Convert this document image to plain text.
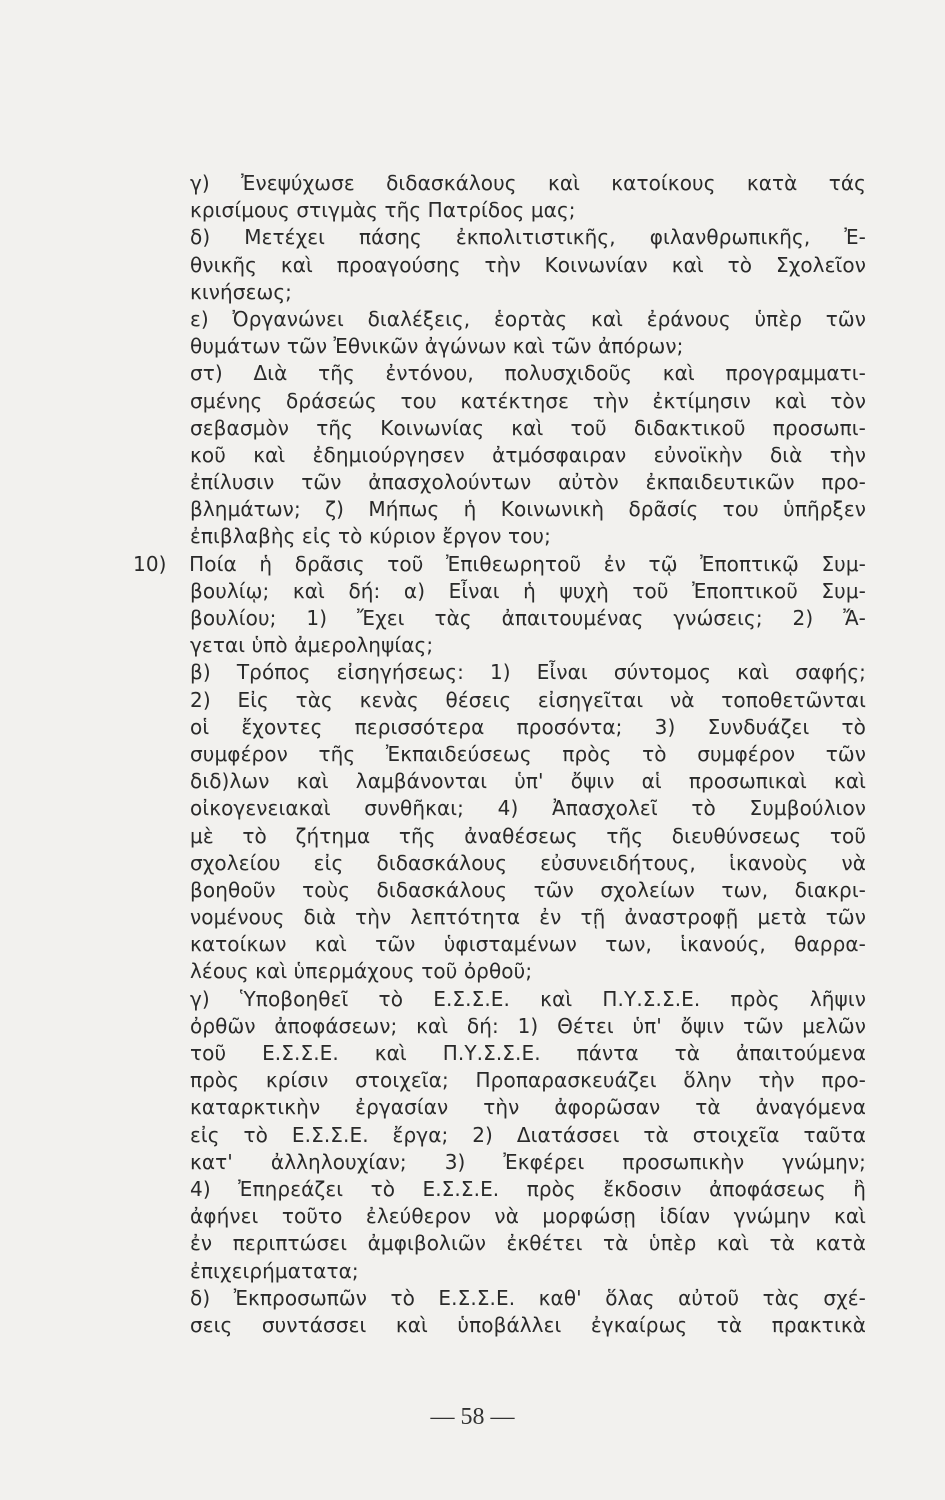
γ) Ἐνεψύχωσε διδασκάλους καὶ κατοίκους κατὰ τάς
κρισίμους στιγμὰς τῆς Πατρίδος μας;
δ) Μετέχει πάσης ἐκπολιτιστικῆς, φιλανθρωπικῆς, Ἐ-
θνικῆς καὶ προαγούσης τὴν Κοινωνίαν καὶ τὸ Σχολεῖον
κινήσεως;
ε) Ὀργανώνει διαλέξεις, ἑορτὰς καὶ ἐράνους ὑπὲρ τῶν
θυμάτων τῶν Ἐθνικῶν ἀγώνων καὶ τῶν ἀπόρων;
στ) Διὰ τῆς ἐντόνου, πολυσχιδοῦς καὶ προγραμματι-
σμένης δράσεώς του κατέκτησε τὴν ἐκτίμησιν καὶ τὸν
σεβασμὸν τῆς Κοινωνίας καὶ τοῦ διδακτικοῦ προσωπι-
κοῦ καὶ ἐδημιούργησεν ἀτμόσφαιραν εὐνοϊκὴν διὰ τὴν
ἐπίλυσιν τῶν ἀπασχολούντων αὐτὸν ἐκπαιδευτικῶν προ-
βλημάτων; ζ) Μήπως ἡ Κοινωνικὴ δρᾶσίς του ὑπῆρξεν
ἐπιβλαβὴς εἰς τὸ κύριον ἔργον του;
10) Ποία ἡ δρᾶσις τοῦ Ἐπιθεωρητοῦ ἐν τῷ Ἐποπτικῷ Συμ-
βουλίῳ; καὶ δή: α) Εἶναι ἡ ψυχὴ τοῦ Ἐποπτικοῦ Συμ-
βουλίου; 1) Ἔχει τὰς ἀπαιτουμένας γνώσεις; 2) Ἄ-
γεται ὑπὸ ἀμεροληψίας;
β) Τρόπος εἰσηγήσεως: 1) Εἶναι σύντομος καὶ σαφής;
2) Εἰς τὰς κενὰς θέσεις εἰσηγεῖται νὰ τοποθετῶνται
οἱ ἔχοντες περισσότερα προσόντα; 3) Συνδυάζει τὸ
συμφέρον τῆς Ἐκπαιδεύσεως πρὸς τὸ συμφέρον τῶν
διδ)λων καὶ λαμβάνονται ὑπ' ὄψιν αἱ προσωπικαὶ καὶ
οἰκογενειακαὶ συνθῆκαι; 4) Ἀπασχολεῖ τὸ Συμβούλιον
μὲ τὸ ζήτημα τῆς ἀναθέσεως τῆς διευθύνσεως τοῦ
σχολείου εἰς διδασκάλους εὐσυνειδήτους, ἱκανοὺς νὰ
βοηθοῦν τοὺς διδασκάλους τῶν σχολείων των, διακρι-
νομένους διὰ τὴν λεπτότητα ἐν τῇ ἀναστροφῇ μετὰ τῶν
κατοίκων καὶ τῶν ὑφισταμένων των, ἱκανούς, θαρρα-
λέους καὶ ὑπερμάχους τοῦ ὀρθοῦ;
γ) Ὑποβοηθεῖ τὸ Ε.Σ.Σ.Ε. καὶ Π.Υ.Σ.Σ.Ε. πρὸς λῆψιν
ὀρθῶν ἀποφάσεων; καὶ δή: 1) Θέτει ὑπ' ὄψιν τῶν μελῶν
τοῦ Ε.Σ.Σ.Ε. καὶ Π.Υ.Σ.Σ.Ε. πάντα τὰ ἀπαιτούμενα
πρὸς κρίσιν στοιχεῖα; Προπαρασκευάζει ὅλην τὴν προ-
καταρκτικὴν ἐργασίαν τὴν ἀφορῶσαν τὰ ἀναγόμενα
εἰς τὸ Ε.Σ.Σ.Ε. ἔργα; 2) Διατάσσει τὰ στοιχεῖα ταῦτα
κατ' ἀλληλουχίαν; 3) Ἐκφέρει προσωπικὴν γνώμην;
4) Ἐπηρεάζει τὸ Ε.Σ.Σ.Ε. πρὸς ἔκδοσιν ἀποφάσεως ἢ
ἀφήνει τοῦτο ἐλεύθερον νὰ μορφώσῃ ἰδίαν γνώμην καὶ
ἐν περιπτώσει ἀμφιβολιῶν ἐκθέτει τὰ ὑπὲρ καὶ τὰ κατὰ
ἐπιχειρήματατα;
δ) Ἐκπροσωπῶν τὸ Ε.Σ.Σ.Ε. καθ' ὅλας αὐτοῦ τὰς σχέ-
σεις συντάσσει καὶ ὑποβάλλει ἐγκαίρως τὰ πρακτικὰ
— 58 —
